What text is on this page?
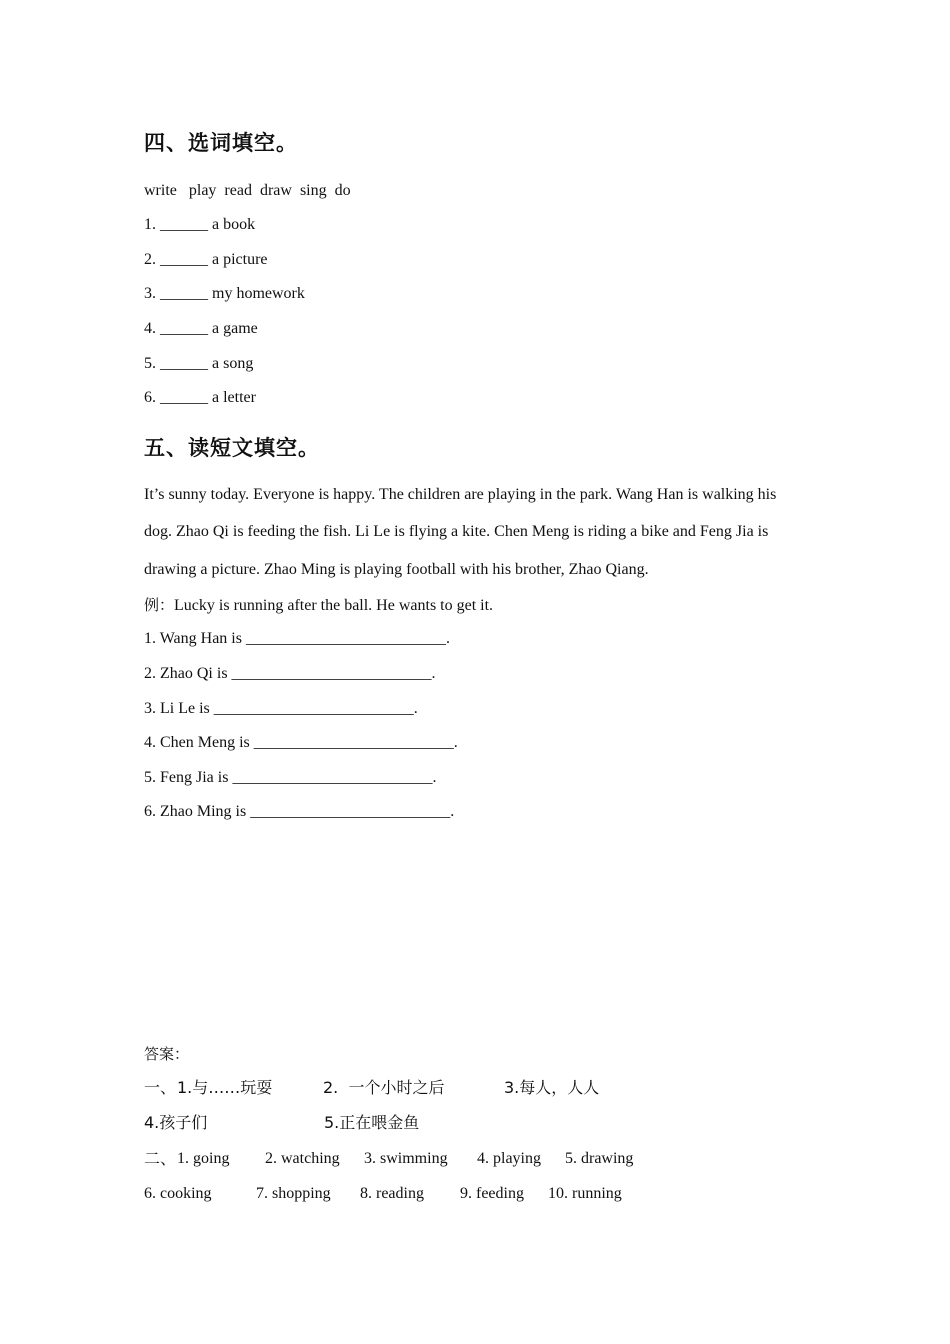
四、选词填空。
write   play  read  draw  sing  do
1. ______ a book
2. ______ a picture
3. ______ my homework
4. ______ a game
5. ______ a song
6. ______ a letter
五、读短文填空。
It’s sunny today. Everyone is happy. The children are playing in the park. Wang Han is walking his
dog. Zhao Qi is feeding the fish. Li Le is flying a kite. Chen Meng is riding a bike and Feng Jia is
drawing a picture. Zhao Ming is playing football with his brother, Zhao Qiang.
例：Lucky is running after the ball. He wants to get it.
1. Wang Han is _________________________.
2. Zhao Qi is _________________________.
3. Li Le is _________________________.
4. Chen Meng is _________________________.
5. Feng Jia is _________________________.
6. Zhao Ming is _________________________.
答案：
一、 1.与……玩耍	2.  一个小时之后	3.每人，人人
4.孩子们	5.正在喂金鱼
二、 1. going 2. watching 3. swimming 4. playing 5. drawing
6. cooking	7. shopping 8. reading 9. feeding 10. running
